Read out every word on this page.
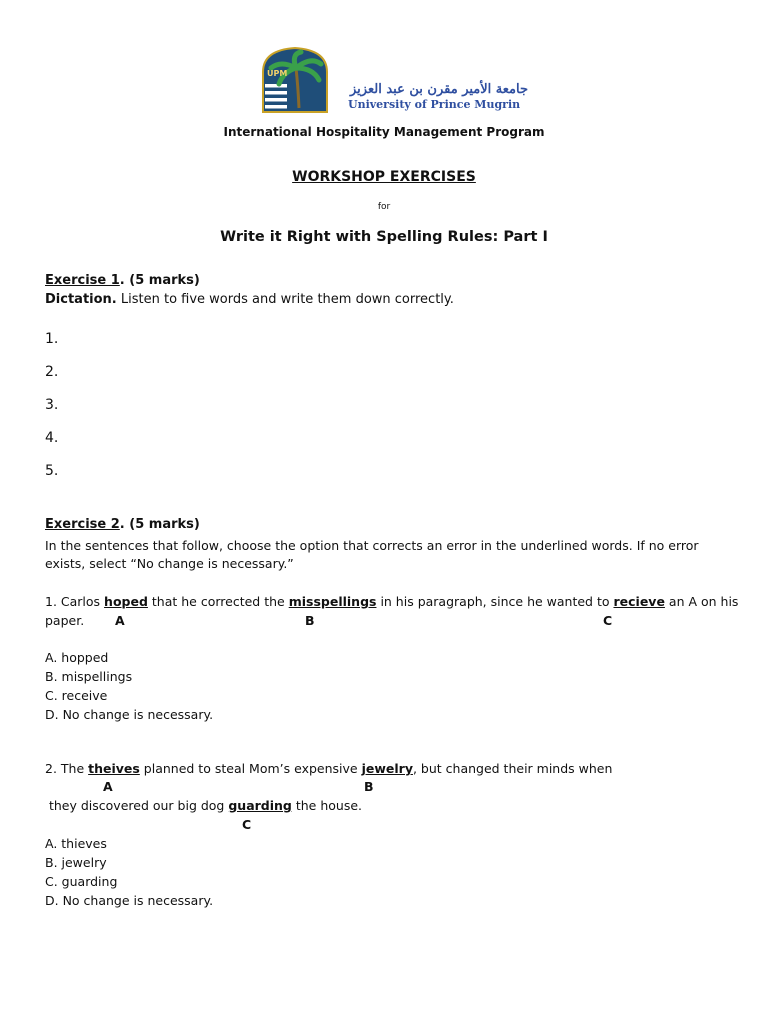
UPM
جامعة الأمير مقرن بن عبد العزيز
University of Prince Mugrin
International Hospitality Management Program
WORKSHOP EXERCISES
for
Write it Right with Spelling Rules: Part I
Exercise 1. (5 marks)
Dictation. Listen to five words and write them down correctly.
1.
2.
3.
4.
5.
Exercise 2. (5 marks)
In the sentences that follow, choose the option that corrects an error in the underlined words. If no error
exists, select “No change is necessary.”
1. Carlos hoped that he corrected the misspellings in his paragraph, since he wanted to recieve an A on his
paper. A	B	C
A. hopped
B. mispellings
C. receive
D. No change is necessary.
2. The theives planned to steal Mom’s expensive jewelry, but changed their minds when
A	B
they discovered our big dog guarding the house.
C
A. thieves
B. jewelry
C. guarding
D. No change is necessary.
